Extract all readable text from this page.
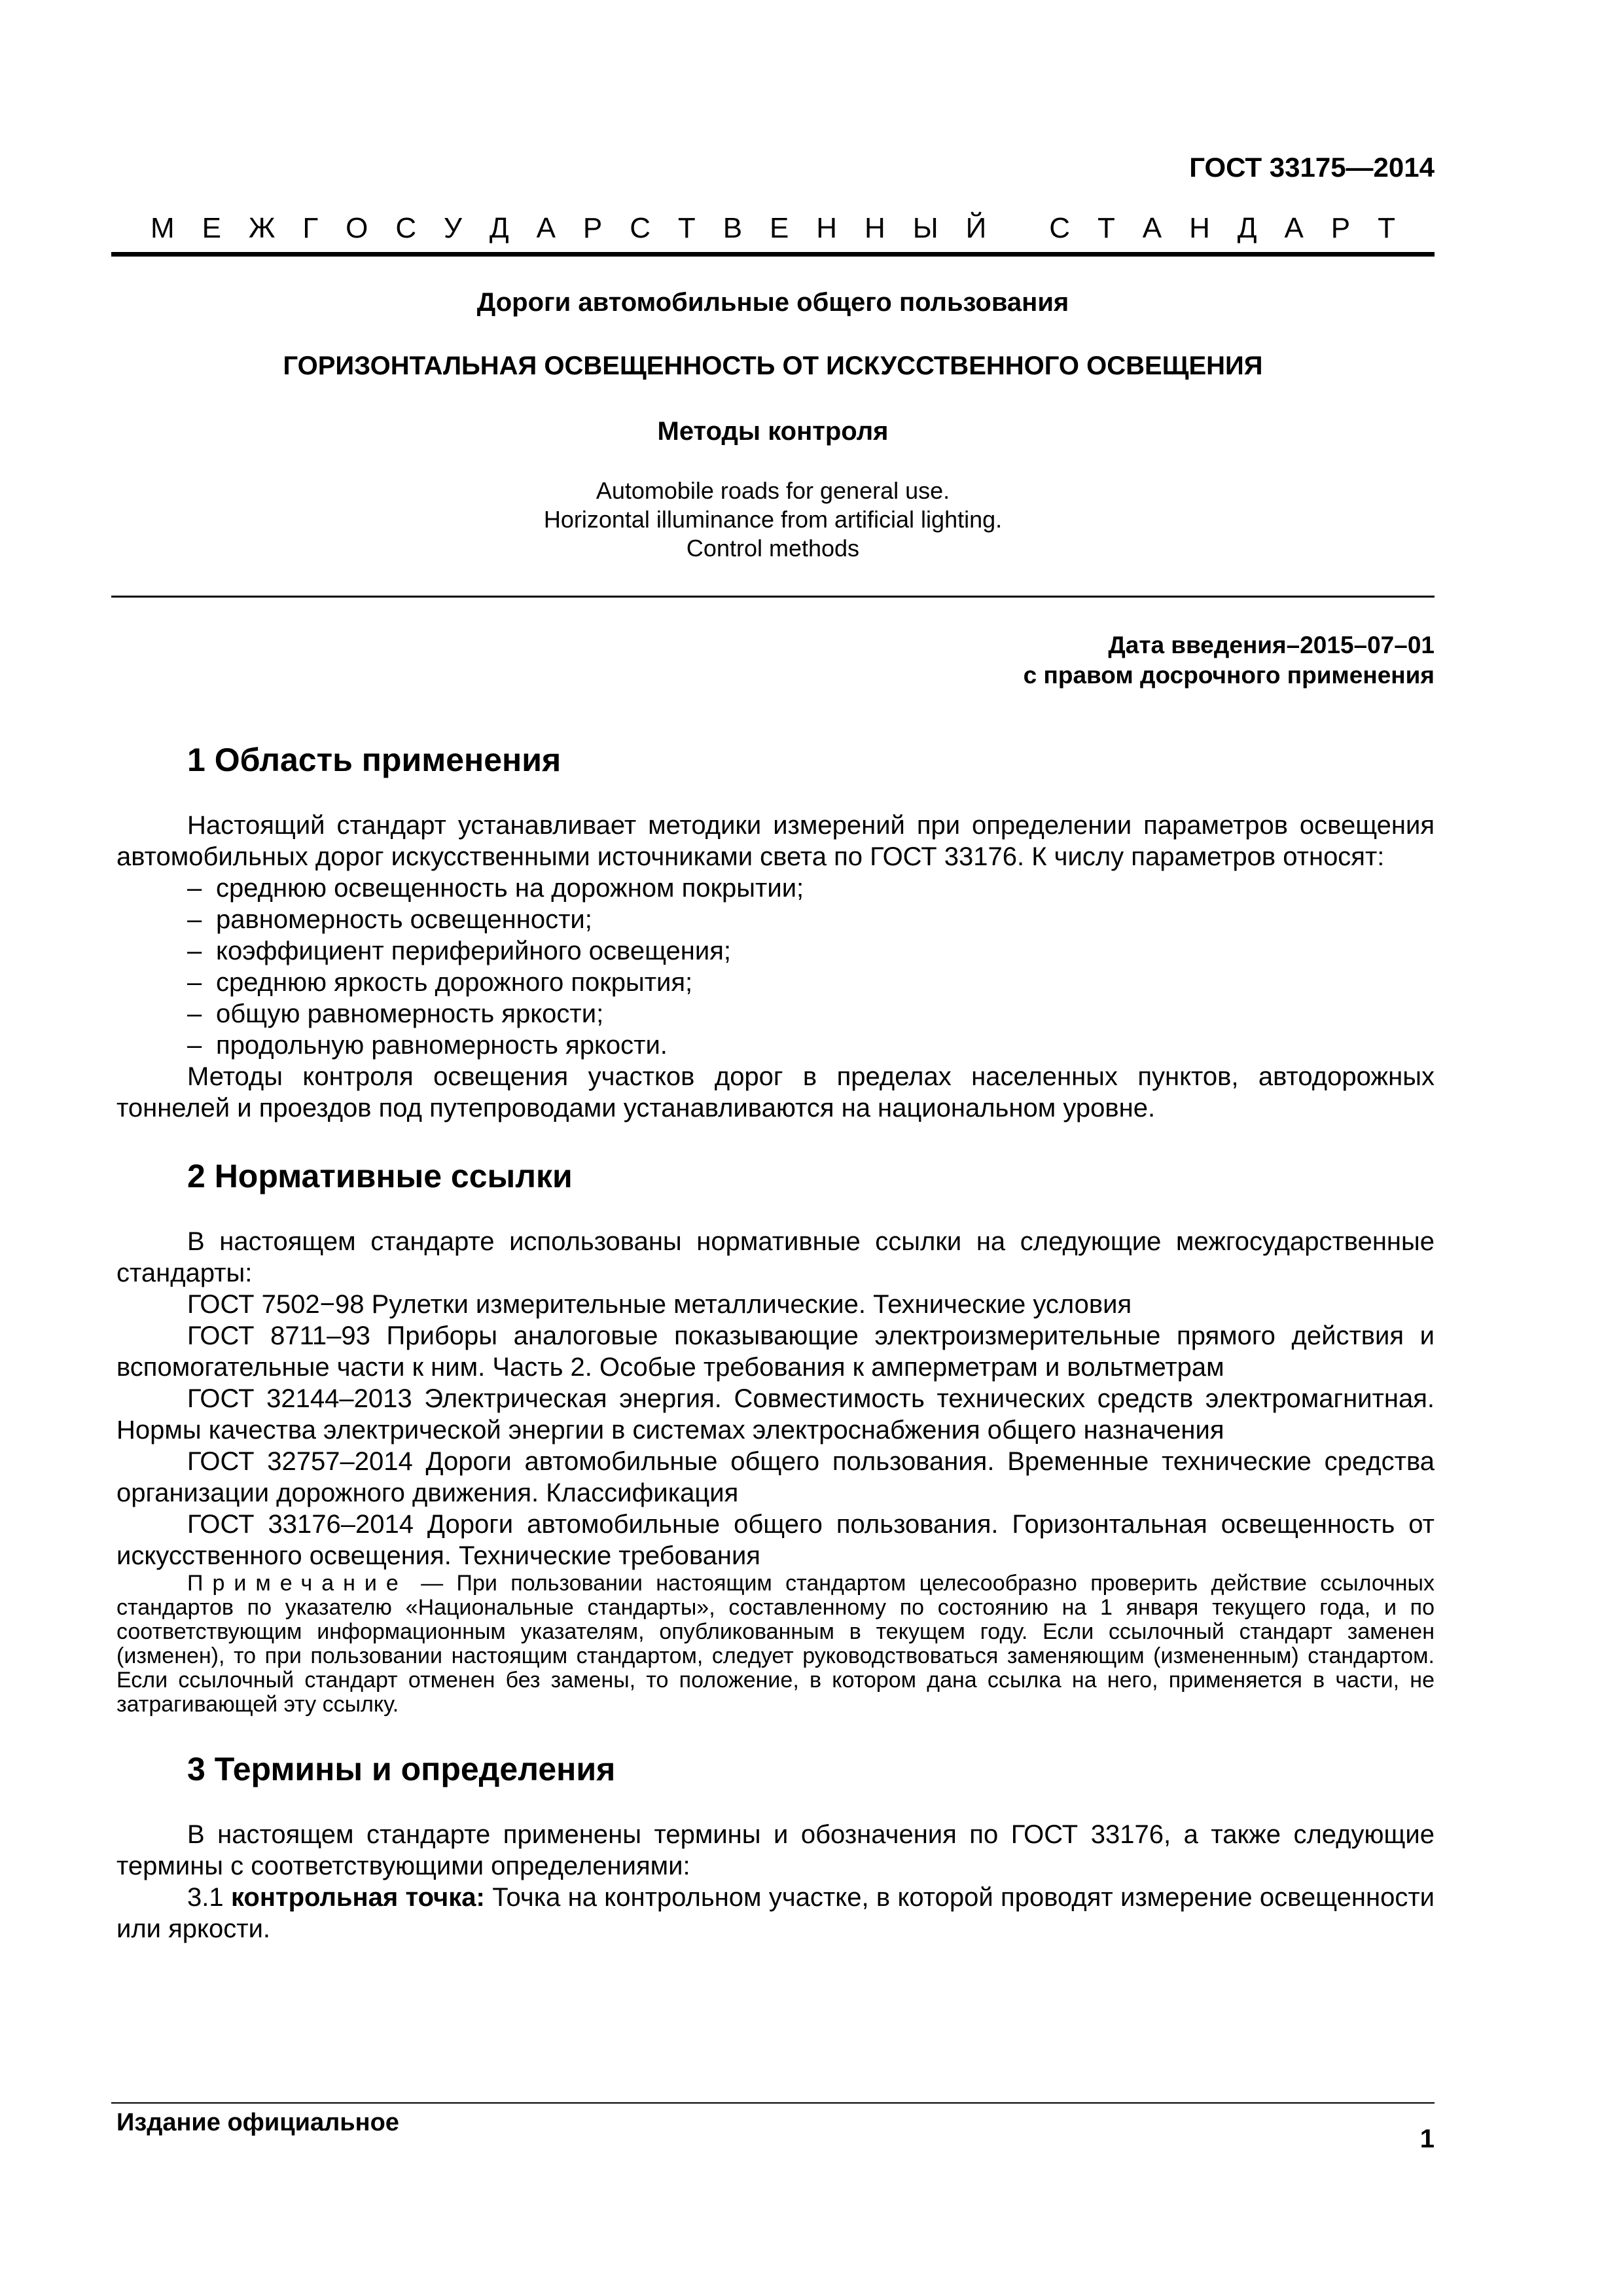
ГОСТ 33175—2014
М Е Ж Г О С У Д А Р С Т В Е Н Н Ы Й
С Т А Н Д А Р Т
Дороги автомобильные общего пользования
ГОРИЗОНТАЛЬНАЯ ОСВЕЩЕННОСТЬ ОТ ИСКУССТВЕННОГО ОСВЕЩЕНИЯ
Методы контроля
Automobile roads for general use.
Horizontal illuminance from artificial lighting.
Control methods
Дата введения–2015–07–01
с правом досрочного применения
1 Область применения

Настоящий стандарт устанавливает методики измерений при определении параметров освещения автомобильных дорог искусственными источниками света по ГОСТ 33176. К числу параметров относят:

– среднюю освещенность на дорожном покрытии;
– равномерность освещенности;
– коэффициент периферийного освещения;
– среднюю яркость дорожного покрытия;
– общую равномерность яркости;
– продольную равномерность яркости.

Методы контроля освещения участков дорог в пределах населенных пунктов, автодорожных тоннелей и проездов под путепроводами устанавливаются на национальном уровне.

2 Нормативные ссылки

В настоящем стандарте использованы нормативные ссылки на следующие межгосударственные стандарты:

ГОСТ 7502−98 Рулетки измерительные металлические. Технические условия

ГОСТ 8711–93 Приборы аналоговые показывающие электроизмерительные прямого действия и вспомогательные части к ним. Часть 2. Особые требования к амперметрам и вольтметрам

ГОСТ 32144–2013 Электрическая энергия. Совместимость технических средств электромагнитная. Нормы качества электрической энергии в системах электроснабжения общего назначения

ГОСТ 32757–2014 Дороги автомобильные общего пользования. Временные технические средства организации дорожного движения. Классификация

ГОСТ 33176–2014 Дороги автомобильные общего пользования. Горизонтальная освещенность от искусственного освещения. Технические требования

Примечание — При пользовании настоящим стандартом целесообразно проверить действие ссылочных стандартов по указателю «Национальные стандарты», составленному по состоянию на 1 января текущего года, и по соответствующим информационным указателям, опубликованным в текущем году. Если ссылочный стандарт заменен (изменен), то при пользовании настоящим стандартом, следует руководствоваться заменяющим (измененным) стандартом. Если ссылочный стандарт отменен без замены, то положение, в котором дана ссылка на него, применяется в части, не затрагивающей эту ссылку.

3 Термины и определения

В настоящем стандарте применены термины и обозначения по ГОСТ 33176, а также следующие термины с соответствующими определениями:

3.1 контрольная точка: Точка на контрольном участке, в которой проводят измерение освещенности или яркости.

Издание официальное
1
